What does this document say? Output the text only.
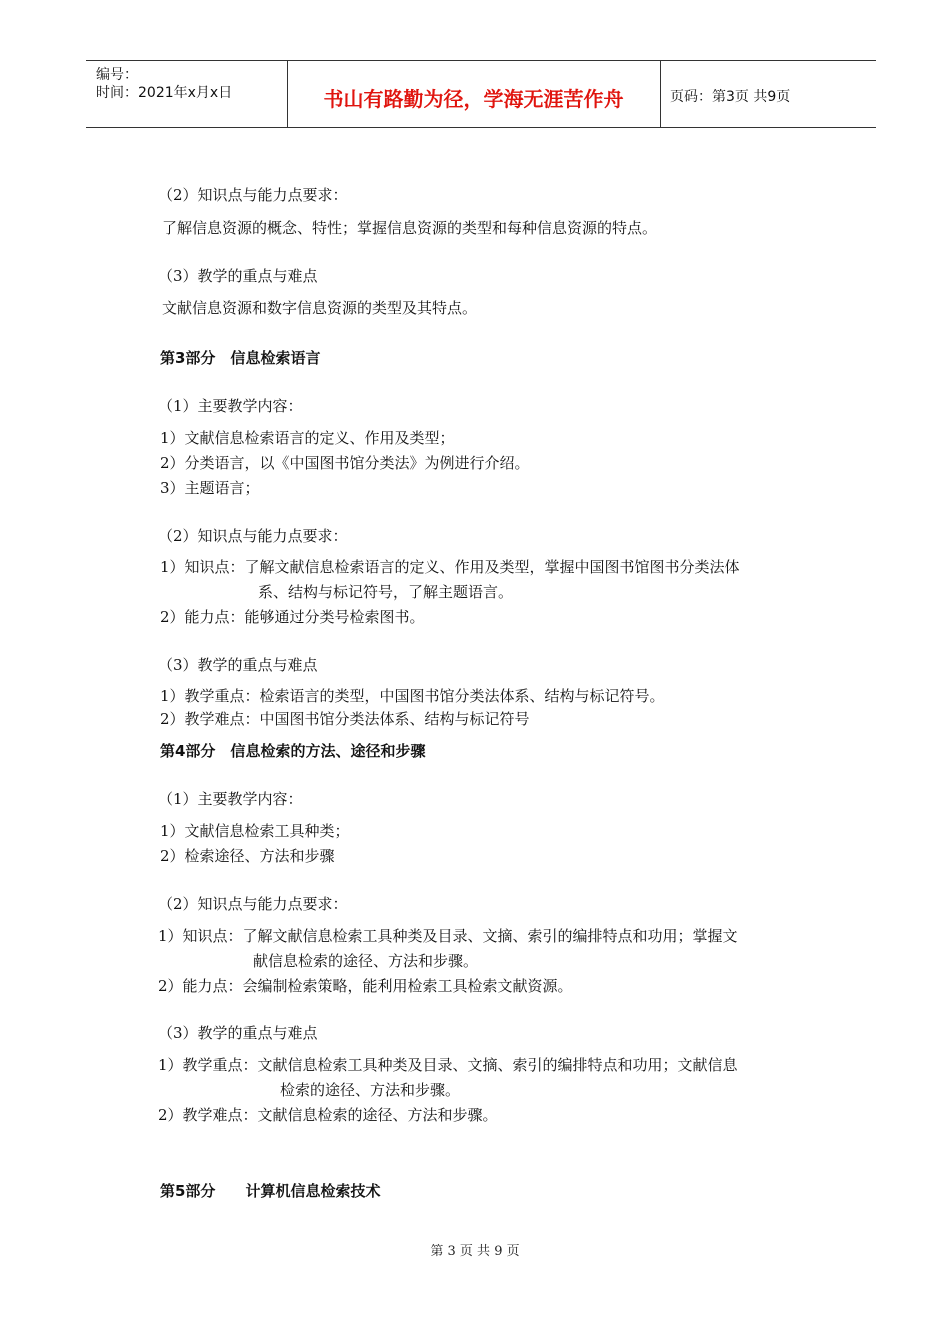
编号：
时间：2021年x月x日	书山有路勤为径，学海无涯苦作舟	页码：第3页 共9页
（2）知识点与能力点要求：
了解信息资源的概念、特性；掌握信息资源的类型和每种信息资源的特点。
（3）教学的重点与难点
文献信息资源和数字信息资源的类型及其特点。
第3部分　信息检索语言
（1）主要教学内容：
1）文献信息检索语言的定义、作用及类型；
2）分类语言，以《中国图书馆分类法》为例进行介绍。
3）主题语言；
（2）知识点与能力点要求：
1）知识点：了解文献信息检索语言的定义、作用及类型，掌握中国图书馆图书分类法体
系、结构与标记符号，了解主题语言。
2）能力点：能够通过分类号检索图书。
（3）教学的重点与难点
1）教学重点：检索语言的类型，中国图书馆分类法体系、结构与标记符号。
2）教学难点：中国图书馆分类法体系、结构与标记符号
第4部分　信息检索的方法、途径和步骤
（1）主要教学内容：
1）文献信息检索工具种类；
2）检索途径、方法和步骤
（2）知识点与能力点要求：
1）知识点：了解文献信息检索工具种类及目录、文摘、索引的编排特点和功用；掌握文
献信息检索的途径、方法和步骤。
2）能力点：会编制检索策略，能利用检索工具检索文献资源。
（3）教学的重点与难点
1）教学重点：文献信息检索工具种类及目录、文摘、索引的编排特点和功用；文献信息
检索的途径、方法和步骤。
2）教学难点：文献信息检索的途径、方法和步骤。
第5部分　　计算机信息检索技术
第 3 页 共 9 页
